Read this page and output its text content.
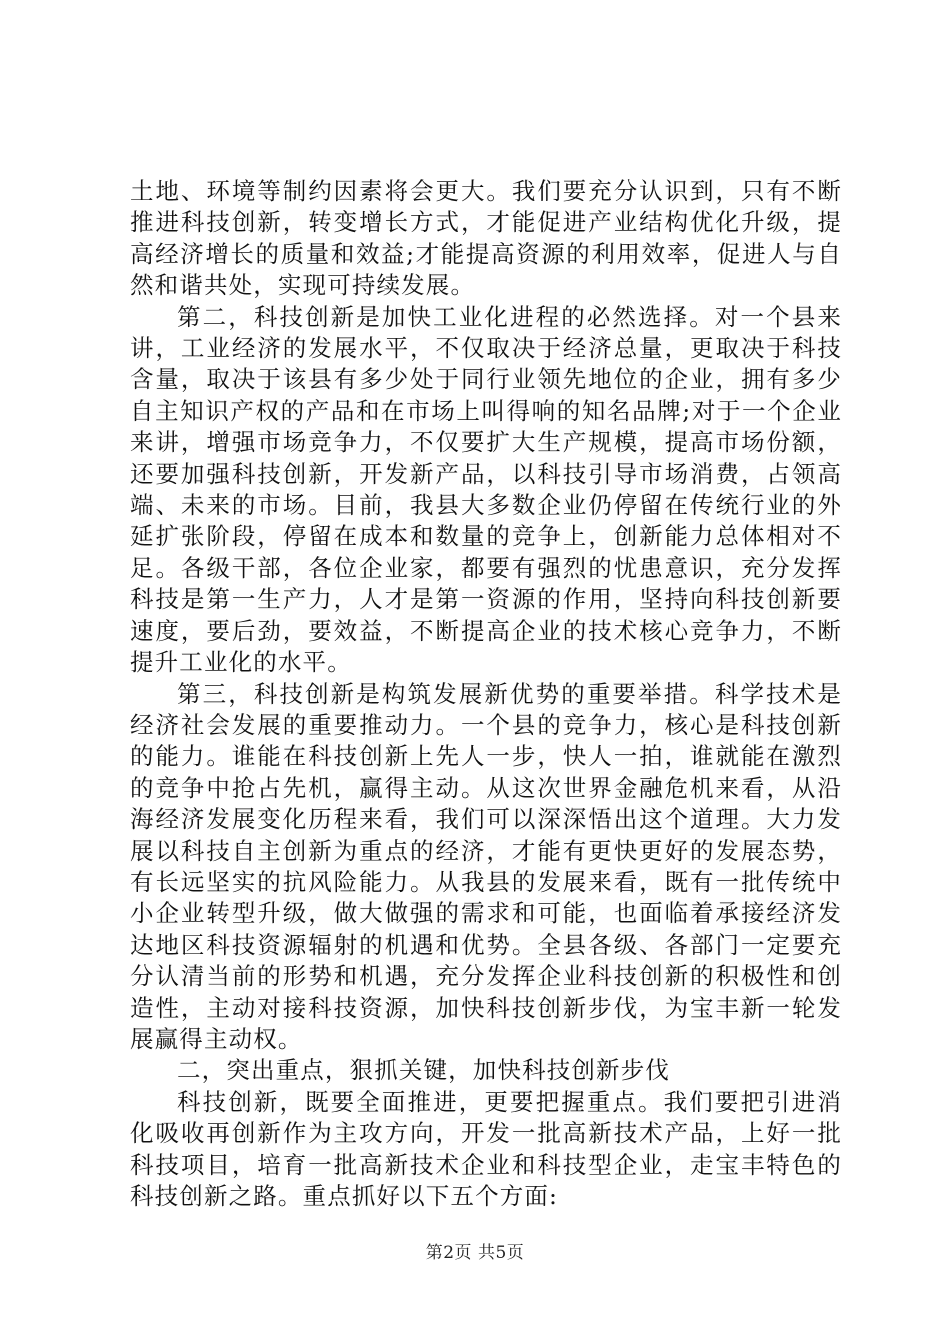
土地、环境等制约因素将会更大。我们要充分认识到，只有不断推进科技创新，转变增长方式，才能促进产业结构优化升级，提高经济增长的质量和效益;才能提高资源的利用效率，促进人与自然和谐共处，实现可持续发展。

第二，科技创新是加快工业化进程的必然选择。对一个县来讲，工业经济的发展水平，不仅取决于经济总量，更取决于科技含量，取决于该县有多少处于同行业领先地位的企业，拥有多少自主知识产权的产品和在市场上叫得响的知名品牌;对于一个企业来讲，增强市场竞争力，不仅要扩大生产规模，提高市场份额，还要加强科技创新，开发新产品，以科技引导市场消费，占领高端、未来的市场。目前，我县大多数企业仍停留在传统行业的外延扩张阶段，停留在成本和数量的竞争上，创新能力总体相对不足。各级干部，各位企业家，都要有强烈的忧患意识，充分发挥科技是第一生产力，人才是第一资源的作用，坚持向科技创新要速度，要后劲，要效益，不断提高企业的技术核心竞争力，不断提升工业化的水平。

第三，科技创新是构筑发展新优势的重要举措。科学技术是经济社会发展的重要推动力。一个县的竞争力，核心是科技创新的能力。谁能在科技创新上先人一步，快人一拍，谁就能在激烈的竞争中抢占先机，赢得主动。从这次世界金融危机来看，从沿海经济发展变化历程来看，我们可以深深悟出这个道理。大力发展以科技自主创新为重点的经济，才能有更快更好的发展态势，有长远坚实的抗风险能力。从我县的发展来看，既有一批传统中小企业转型升级，做大做强的需求和可能，也面临着承接经济发达地区科技资源辐射的机遇和优势。全县各级、各部门一定要充分认清当前的形势和机遇，充分发挥企业科技创新的积极性和创造性，主动对接科技资源，加快科技创新步伐，为宝丰新一轮发展赢得主动权。

二，突出重点，狠抓关键，加快科技创新步伐

科技创新，既要全面推进，更要把握重点。我们要把引进消化吸收再创新作为主攻方向，开发一批高新技术产品，上好一批科技项目，培育一批高新技术企业和科技型企业，走宝丰特色的科技创新之路。重点抓好以下五个方面:

第2页 共5页
